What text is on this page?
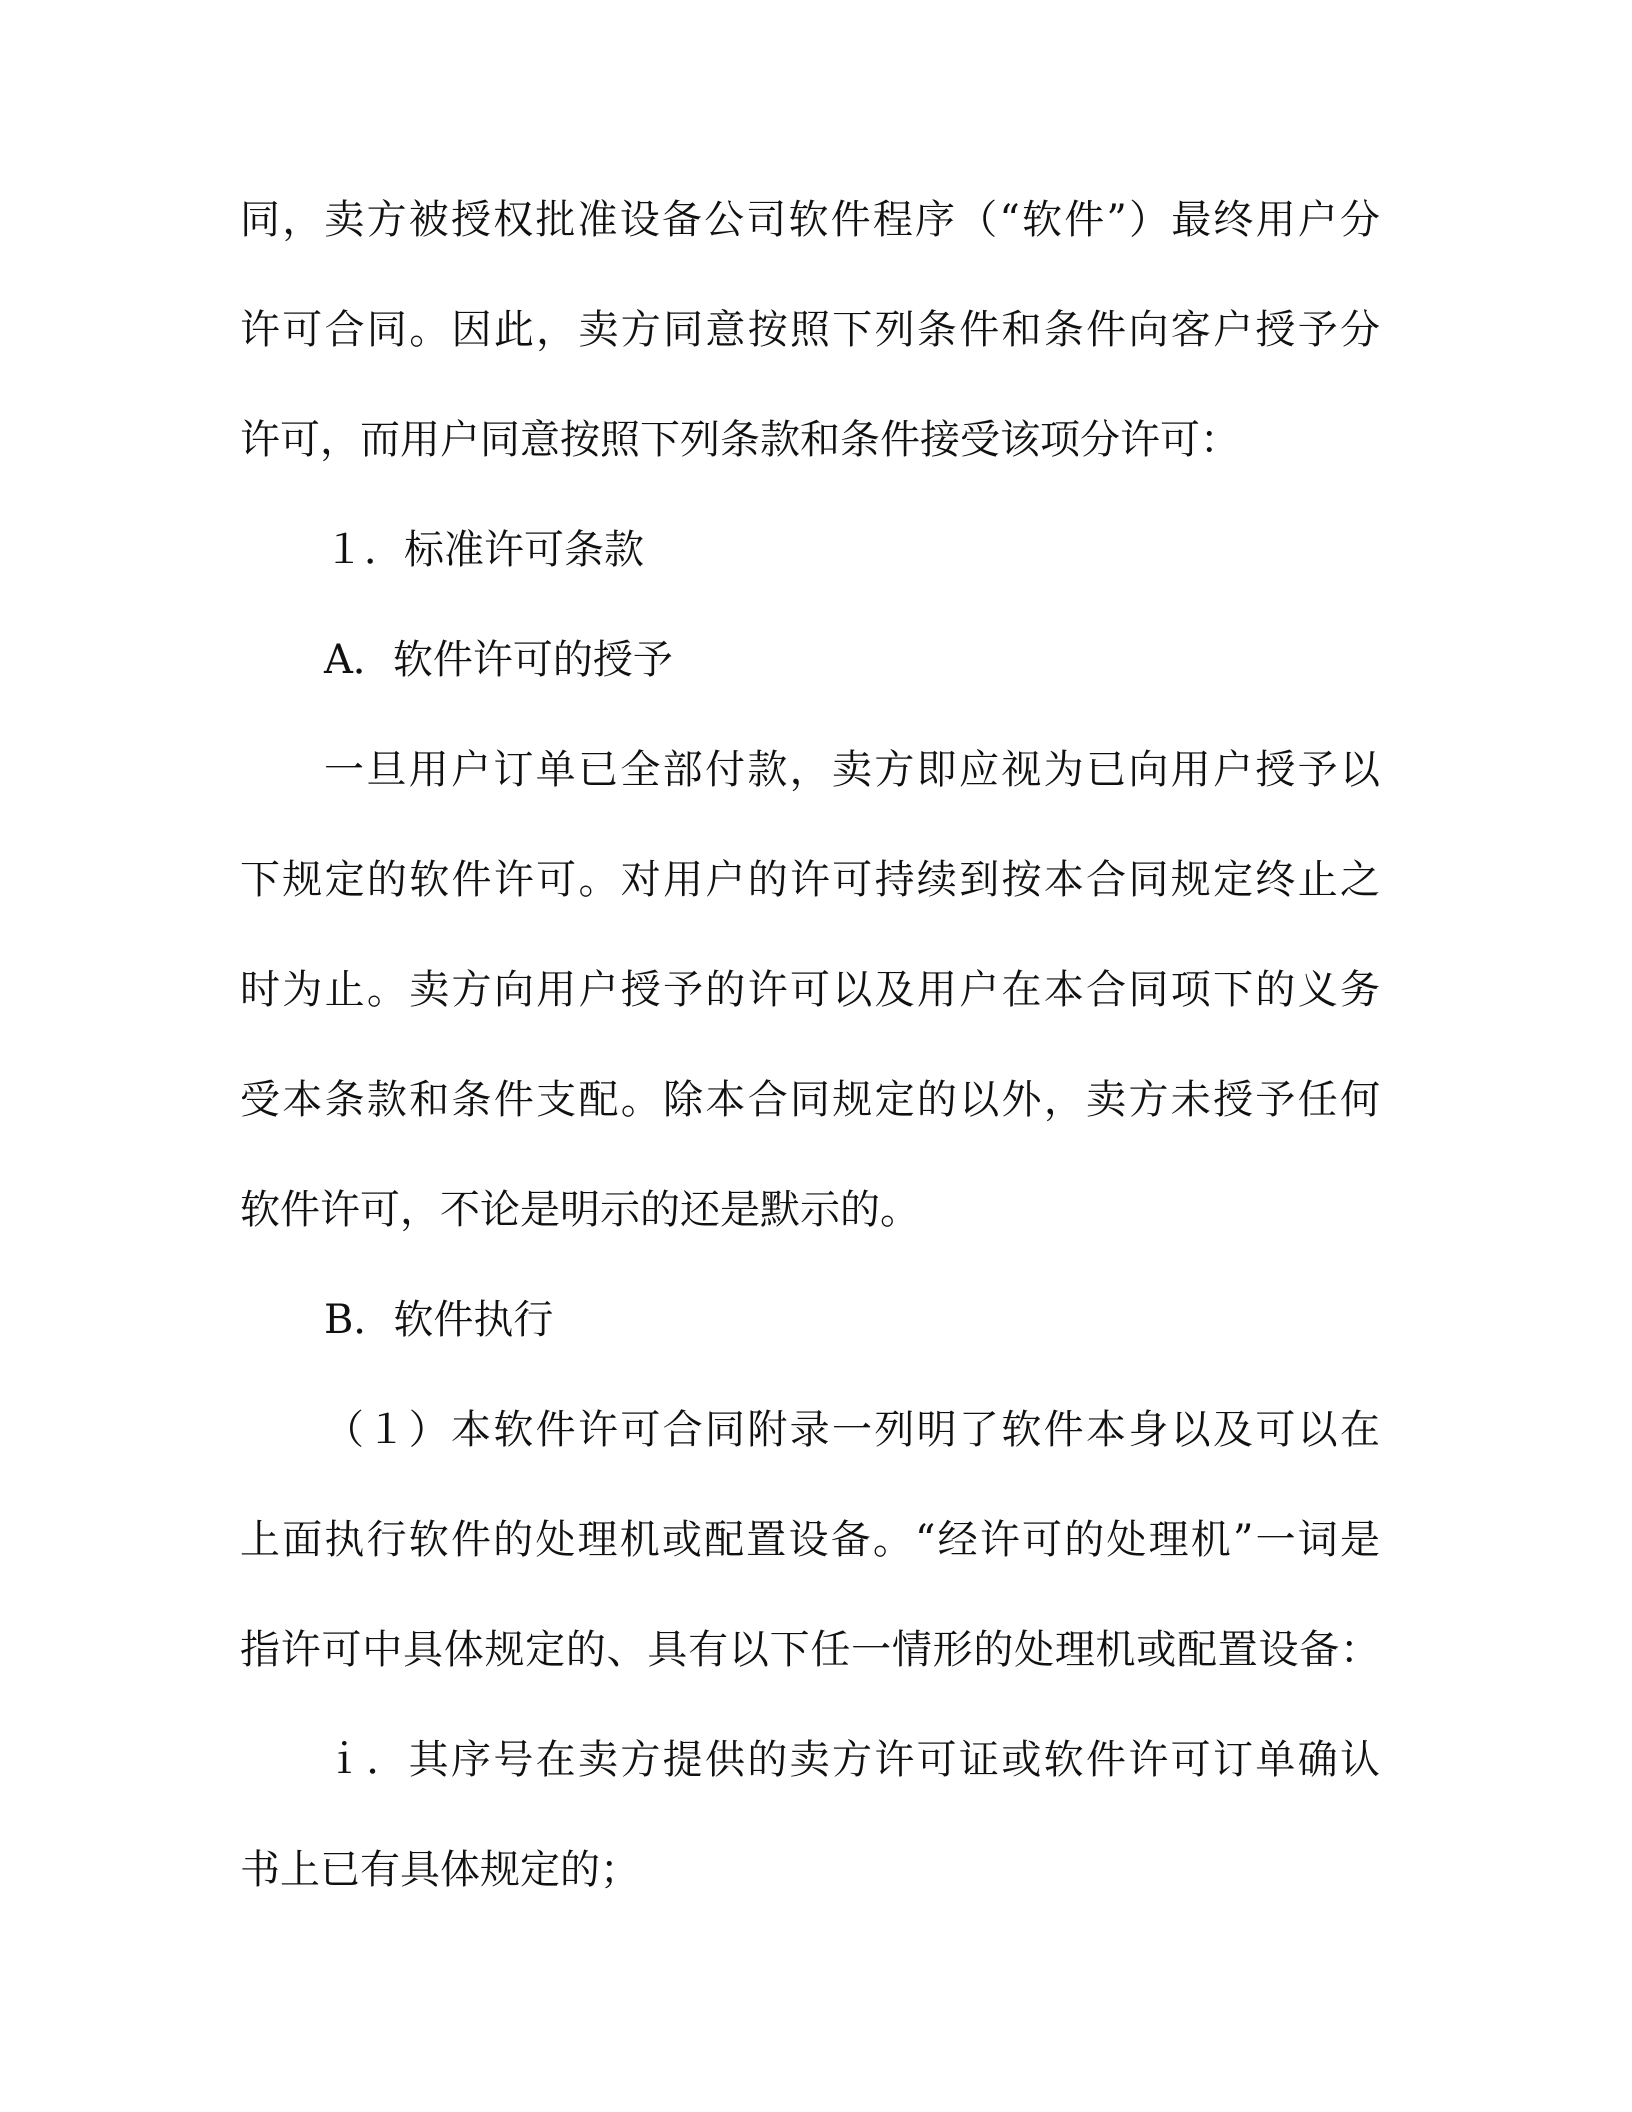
同，卖方被授权批准设备公司软件程序（“软件”）最终用户分
许可合同。因此，卖方同意按照下列条件和条件向客户授予分
许可，而用户同意按照下列条款和条件接受该项分许可：
１．标准许可条款
A．软件许可的授予
一旦用户订单已全部付款，卖方即应视为已向用户授予以
下规定的软件许可。对用户的许可持续到按本合同规定终止之
时为止。卖方向用户授予的许可以及用户在本合同项下的义务
受本条款和条件支配。除本合同规定的以外，卖方未授予任何
软件许可，不论是明示的还是默示的。
B．软件执行
（１）本软件许可合同附录一列明了软件本身以及可以在
上面执行软件的处理机或配置设备。“经许可的处理机”一词是
指许可中具体规定的、具有以下任一情形的处理机或配置设备：
ｉ．其序号在卖方提供的卖方许可证或软件许可订单确认
书上已有具体规定的；
